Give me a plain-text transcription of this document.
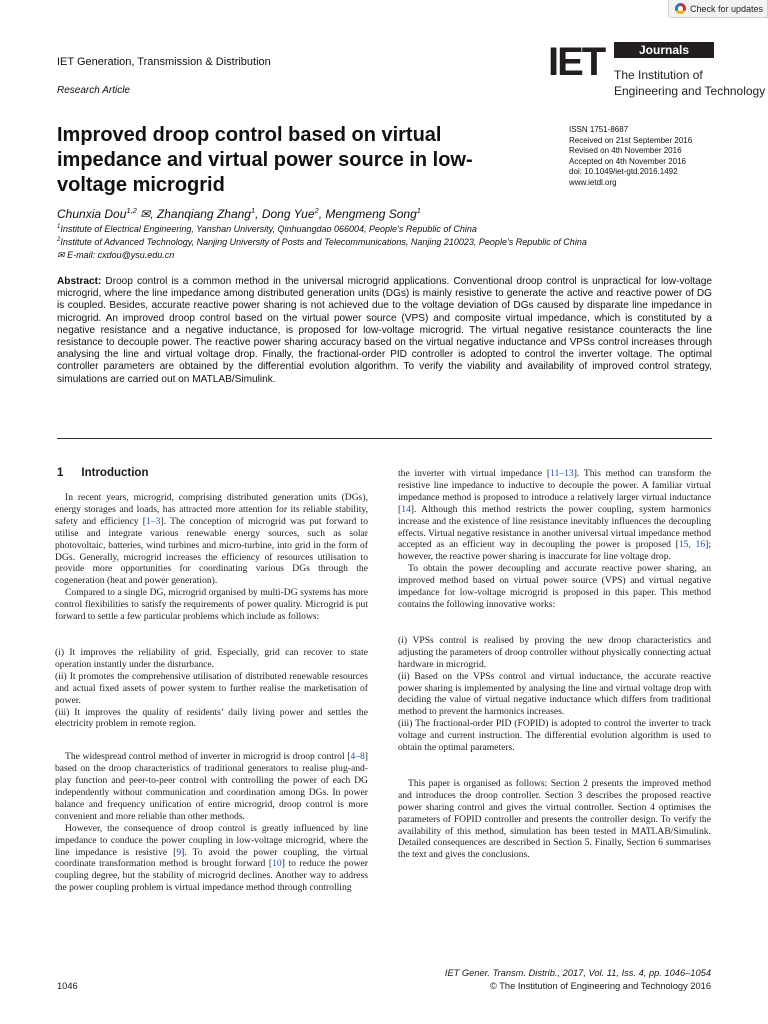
Check for updates
IET Generation, Transmission & Distribution
Research Article
IET	Journals
The Institution of
Engineering and Technology
Improved droop control based on virtual impedance and virtual power source in low-voltage microgrid
ISSN 1751-8687
Received on 21st September 2016
Revised on 4th November 2016
Accepted on 4th November 2016
doi: 10.1049/iet-gtd.2016.1492
www.ietdl.org
Chunxia Dou$^{1,2}$ ✉, Zhanqiang Zhang$^1$, Dong Yue$^2$, Mengmeng Song$^1$
$^1$Institute of Electrical Engineering, Yanshan University, Qinhuangdao 066004, People’s Republic of China
$^2$Institute of Advanced Technology, Nanjing University of Posts and Telecommunications, Nanjing 210023, People’s Republic of China
✉ E-mail: cxdou@ysu.edu.cn
Abstract: Droop control is a common method in the universal microgrid applications. Conventional droop control is unpractical for low-voltage microgrid, where the line impedance among distributed generation units (DGs) is mainly resistive to generate the active and reactive power of DG is coupled. Besides, accurate reactive power sharing is not achieved due to the voltage deviation of DGs caused by disparate line impedance in microgrid. An improved droop control based on the virtual power source (VPS) and composite virtual impedance, which is constituted by a negative resistance and a negative inductance, is proposed for low-voltage microgrid. The virtual negative resistance counteracts the line resistance to decouple power. The reactive power sharing accuracy based on the virtual negative inductance and VPSs control increases through analysing the line and virtual voltage drop. Finally, the fractional-order PID controller is adopted to control the inverter voltage. The optimal controller parameters are obtained by the differential evolution algorithm. To verify the viability and availability of improved control strategy, simulations are carried out on MATLAB/Simulink.
1 Introduction

In recent years, microgrid, comprising distributed generation units (DGs), energy storages and loads, has attracted more attention for its reliable stability, safety and efficiency [1–3]. The conception of microgrid was put forward to utilise and integrate various renewable energy sources, such as solar photovoltaic, batteries, wind turbines and micro-turbine, into grid in the form of DGs. Generally, microgrid increases the efficiency of resources utilisation to provide more opportunities for coordinating various DGs through the cogeneration (heat and power generation).

Compared to a single DG, microgrid organised by multi-DG systems has more control flexibilities to satisfy the requirements of power quality. Microgrid is put forward to settle a few particular problems which include as follows:

(i) It improves the reliability of grid. Especially, grid can recover to state operation instantly under the disturbance.

(ii) It promotes the comprehensive utilisation of distributed renewable resources and actual fixed assets of power system to further realise the marketisation of power.

(iii) It improves the quality of residents’ daily living power and settles the electricity problem in remote region.

The widespread control method of inverter in microgrid is droop control [4–8] based on the droop characteristics of traditional generators to realise plug-and-play function and peer-to-peer control with controlling the power of each DG independently without communication and coordination among DGs. In power balance and frequency unification of entire microgrid, droop control is more convenient and more reliable than other methods.

However, the consequence of droop control is greatly influenced by line impedance to conduce the power coupling in low-voltage microgrid, where the line impedance is resistive [9]. To avoid the power coupling, the virtual coordinate transformation method is brought forward [10] to reduce the power coupling degree, but the stability of microgrid declines. Another way to address the power coupling problem is virtual impedance method through controlling

the inverter with virtual impedance [11–13]. This method can transform the resistive line impedance to inductive to decouple the power. A familiar virtual impedance method is proposed to introduce a relatively larger virtual inductance [14]. Although this method restricts the power coupling, system harmonics increase and the existence of line resistance inevitably influences the decoupling effects. Virtual negative resistance in another universal virtual impedance method accepted as an efficient way in decoupling the power is proposed [15, 16]; however, the reactive power sharing is inaccurate for line voltage drop.

To obtain the power decoupling and accurate reactive power sharing, an improved method based on virtual power source (VPS) and virtual negative impedance for low-voltage microgrid is proposed in this paper. This method contains the following innovative works:

(i) VPSs control is realised by proving the new droop characteristics and adjusting the parameters of droop controller without physically connecting actual hardware in microgrid.

(ii) Based on the VPSs control and virtual inductance, the accurate reactive power sharing is implemented by analysing the line and virtual voltage drop with deciding the value of virtual negative inductance which differs from traditional method to prevent the harmonics increases.

(iii) The fractional-order PID (FOPID) is adopted to control the inverter to track voltage and current instruction. The differential evolution algorithm is used to obtain the optimal parameters.

This paper is organised as follows: Section 2 presents the improved method and introduces the droop controller. Section 3 describes the proposed reactive power sharing control and gives the virtual controller. Section 4 optimises the parameters of FOPID controller and presents the controller design. To verify the availability of this method, simulation has been tested in MATLAB/Simulink. Detailed consequences are described in Section 5. Finally, Section 6 summarises the text and gives the conclusions.

IET Gener. Transm. Distrib., 2017, Vol. 11, Iss. 4, pp. 1046–1054
© The Institution of Engineering and Technology 2016
1046
